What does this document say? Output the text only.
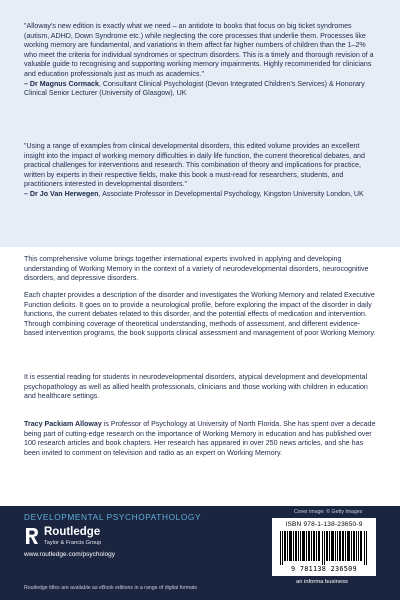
"Alloway's new edition is exactly what we need – an antidote to books that focus on big ticket syndromes (autism, ADHD, Down Syndrome etc.) while neglecting the core processes that underlie them. Processes like working memory are fundamental, and variations in them affect far higher numbers of children than the 1–2% who meet the criteria for individual syndromes or spectrum disorders. This is a timely and thorough revision of a valuable guide to recognising and supporting working memory impairments. Highly recommended for clinicians and education professionals just as much as academics."

– Dr Magnus Cormack, Consultant Clinical Psychologist (Devon Integrated Children's Services) & Honorary Clinical Senior Lecturer (University of Glasgow), UK

"Using a range of examples from clinical developmental disorders, this edited volume provides an excellent insight into the impact of working memory difficulties in daily life function, the current theoretical debates, and practical challenges for interventions and research. This combination of theory and implications for practice, written by experts in their respective fields, make this book a must-read for researchers, students, and practitioners interested in developmental disorders."

– Dr Jo Van Herwegen, Associate Professor in Developmental Psychology, Kingston University London, UK

This comprehensive volume brings together international experts involved in applying and developing understanding of Working Memory in the context of a variety of neurodevelopmental disorders, neurocognitive disorders, and depressive disorders.

Each chapter provides a description of the disorder and investigates the Working Memory and related Executive Function deficits. It goes on to provide a neurological profile, before exploring the impact of the disorder in daily functions, the current debates related to this disorder, and the potential effects of medication and intervention. Through combining coverage of theoretical understanding, methods of assessment, and different evidence-based intervention programs, the book supports clinical assessment and management of poor Working Memory.

It is essential reading for students in neurodevelopmental disorders, atypical development and developmental psychopathology as well as allied health professionals, clinicians and those working with children in education and healthcare settings.

Tracy Packiam Alloway is Professor of Psychology at University of North Florida. She has spent over a decade being part of cutting-edge research on the importance of Working Memory in education and has published over 100 research articles and book chapters. Her research has appeared in over 250 news articles, and she has been invited to comment on television and radio as an expert on Working Memory.
DEVELOPMENTAL PSYCHOPATHOLOGY
Routledge
Taylor & Francis Group
www.routledge.com/psychology
Routledge titles are available as eBook editions in a range of digital formats
Cover image: © Getty Images
ISBN 978-1-138-23650-9
9 781138 236509
an informa business
